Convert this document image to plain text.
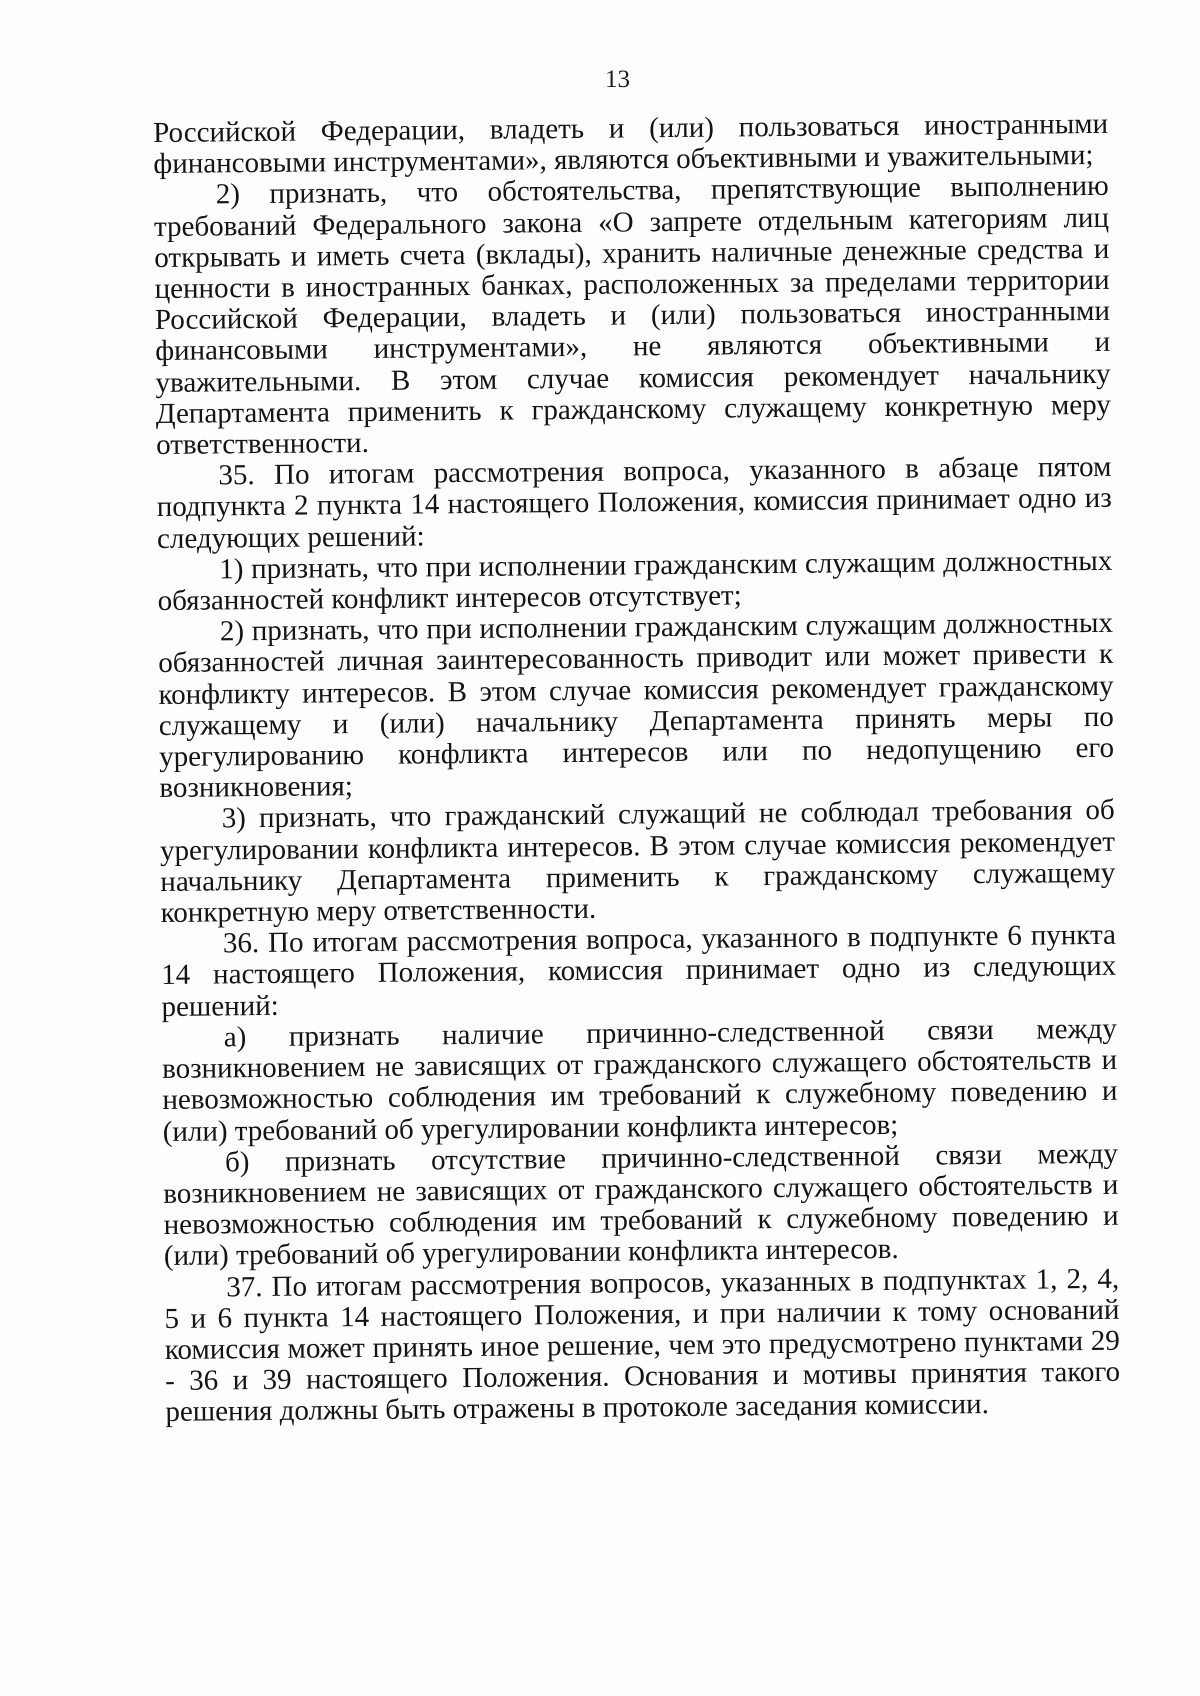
13

Российской Федерации, владеть и (или) пользоваться иностранными финансовыми инструментами», являются объективными и уважительными;

2) признать, что обстоятельства, препятствующие выполнению требований Федерального закона «О запрете отдельным категориям лиц открывать и иметь счета (вклады), хранить наличные денежные средства и ценности в иностранных банках, расположенных за пределами территории Российской Федерации, владеть и (или) пользоваться иностранными финансовыми инструментами», не являются объективными и уважительными. В этом случае комиссия рекомендует начальнику Департамента применить к гражданскому служащему конкретную меру ответственности.

35. По итогам рассмотрения вопроса, указанного в абзаце пятом подпункта 2 пункта 14 настоящего Положения, комиссия принимает одно из следующих решений:

1) признать, что при исполнении гражданским служащим должностных обязанностей конфликт интересов отсутствует;

2) признать, что при исполнении гражданским служащим должностных обязанностей личная заинтересованность приводит или может привести к конфликту интересов. В этом случае комиссия рекомендует гражданскому служащему и (или) начальнику Департамента принять меры по урегулированию конфликта интересов или по недопущению его возникновения;

3) признать, что гражданский служащий не соблюдал требования об урегулировании конфликта интересов. В этом случае комиссия рекомендует начальнику Департамента применить к гражданскому служащему конкретную меру ответственности.

36. По итогам рассмотрения вопроса, указанного в подпункте 6 пункта 14 настоящего Положения, комиссия принимает одно из следующих решений:

а) признать наличие причинно-следственной связи между возникновением не зависящих от гражданского служащего обстоятельств и невозможностью соблюдения им требований к служебному поведению и (или) требований об урегулировании конфликта интересов;

б) признать отсутствие причинно-следственной связи между возникновением не зависящих от гражданского служащего обстоятельств и невозможностью соблюдения им требований к служебному поведению и (или) требований об урегулировании конфликта интересов.

37. По итогам рассмотрения вопросов, указанных в подпунктах 1, 2, 4, 5 и 6 пункта 14 настоящего Положения, и при наличии к тому оснований комиссия может принять иное решение, чем это предусмотрено пунктами 29 - 36 и 39 настоящего Положения. Основания и мотивы принятия такого решения должны быть отражены в протоколе заседания комиссии.
